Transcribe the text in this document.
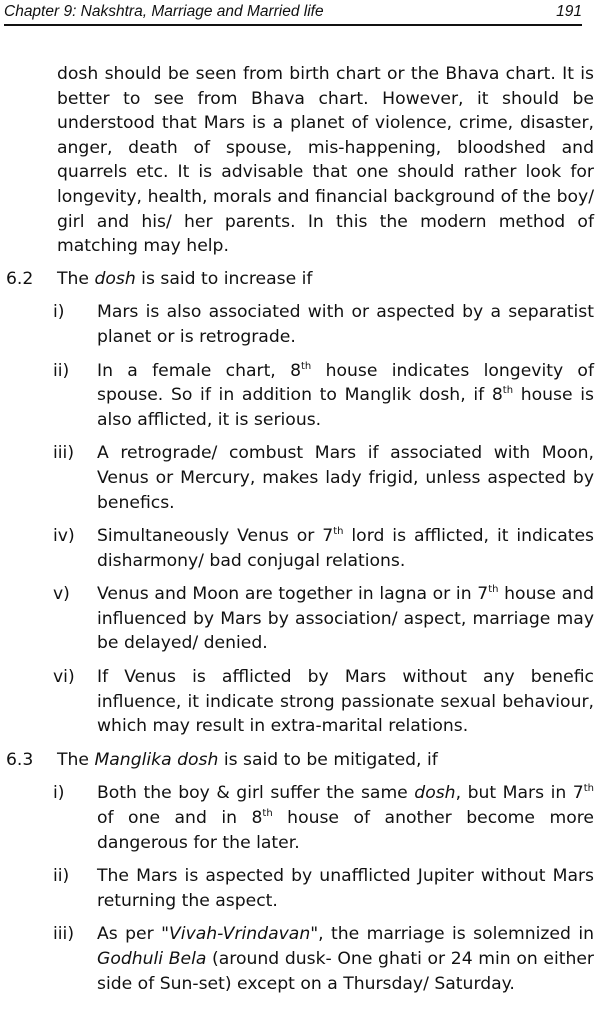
Chapter 9: Nakshtra, Marriage and Married life	191

dosh should be seen from birth chart or the Bhava chart. It is better to see from Bhava chart. However, it should be understood that Mars is a planet of violence, crime, disaster, anger, death of spouse, mis-happening, bloodshed and quarrels etc. It is advisable that one should rather look for longevity, health, morals and financial background of the boy/ girl and his/ her parents. In this the modern method of matching may help.

6.2 The dosh is said to increase if
i) Mars is also associated with or aspected by a separatist planet or is retrograde.
ii) In a female chart, 8th house indicates longevity of spouse. So if in addition to Manglik dosh, if 8th house is also afflicted, it is serious.
iii) A retrograde/ combust Mars if associated with Moon, Venus or Mercury, makes lady frigid, unless aspected by benefics.
iv) Simultaneously Venus or 7th lord is afflicted, it indicates disharmony/ bad conjugal relations.
v) Venus and Moon are together in lagna or in 7th house and influenced by Mars by association/ aspect, marriage may be delayed/ denied.
vi) If Venus is afflicted by Mars without any benefic influence, it indicate strong passionate sexual behaviour, which may result in extra-marital relations.
6.3 The Manglika dosh is said to be mitigated, if
i) Both the boy & girl suffer the same dosh, but Mars in 7th of one and in 8th house of another become more dangerous for the later.
ii) The Mars is aspected by unafflicted Jupiter without Mars returning the aspect.
iii) As per "Vivah-Vrindavan", the marriage is solemnized in Godhuli Bela (around dusk- One ghati or 24 min on either side of Sun-set) except on a Thursday/ Saturday.
